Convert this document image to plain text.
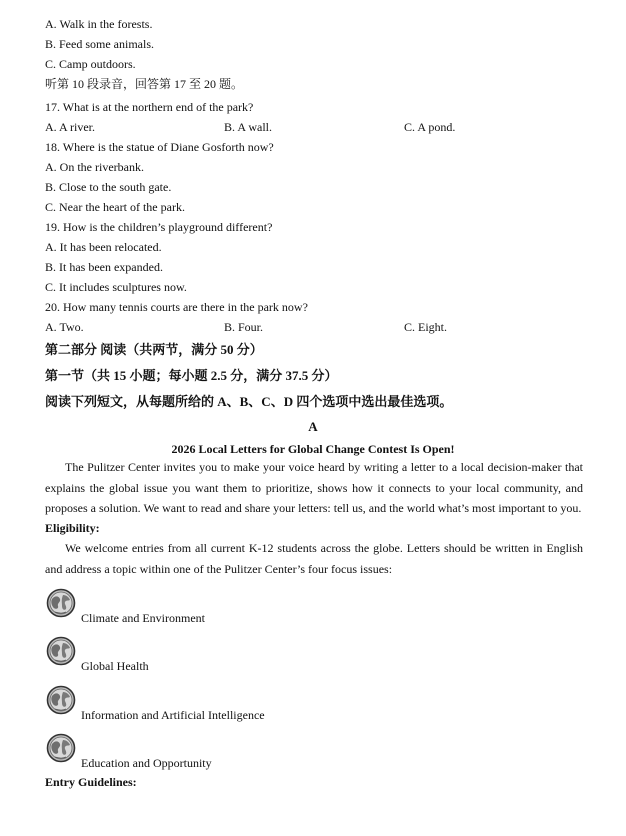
A. Walk in the forests.
B. Feed some animals.
C. Camp outdoors.
听第 10 段录音，回答第 17 至 20 题。
17. What is at the northern end of the park?
A. A river.	B. A wall.	C. A pond.
18. Where is the statue of Diane Gosforth now?
A. On the riverbank.
B. Close to the south gate.
C. Near the heart of the park.
19. How is the children’s playground different?
A. It has been relocated.
B. It has been expanded.
C. It includes sculptures now.
20. How many tennis courts are there in the park now?
A. Two.	B. Four.	C. Eight.
第二部分 阅读（共两节，满分 50 分）
第一节（共 15 小题；每小题 2.5 分，满分 37.5 分）
阅读下列短文，从每题所给的 A、B、C、D 四个选项中选出最佳选项。
A
2026 Local Letters for Global Change Contest Is Open!
The Pulitzer Center invites you to make your voice heard by writing a letter to a local decision-maker that explains the global issue you want them to prioritize, shows how it connects to your local community, and proposes a solution. We want to read and share your letters: tell us, and the world what’s most important to you.
Eligibility:
We welcome entries from all current K-12 students across the globe. Letters should be written in English and address a topic within one of the Pulitzer Center’s four focus issues:
Climate and Environment
Global Health
Information and Artificial Intelligence
Education and Opportunity
Entry Guidelines:
